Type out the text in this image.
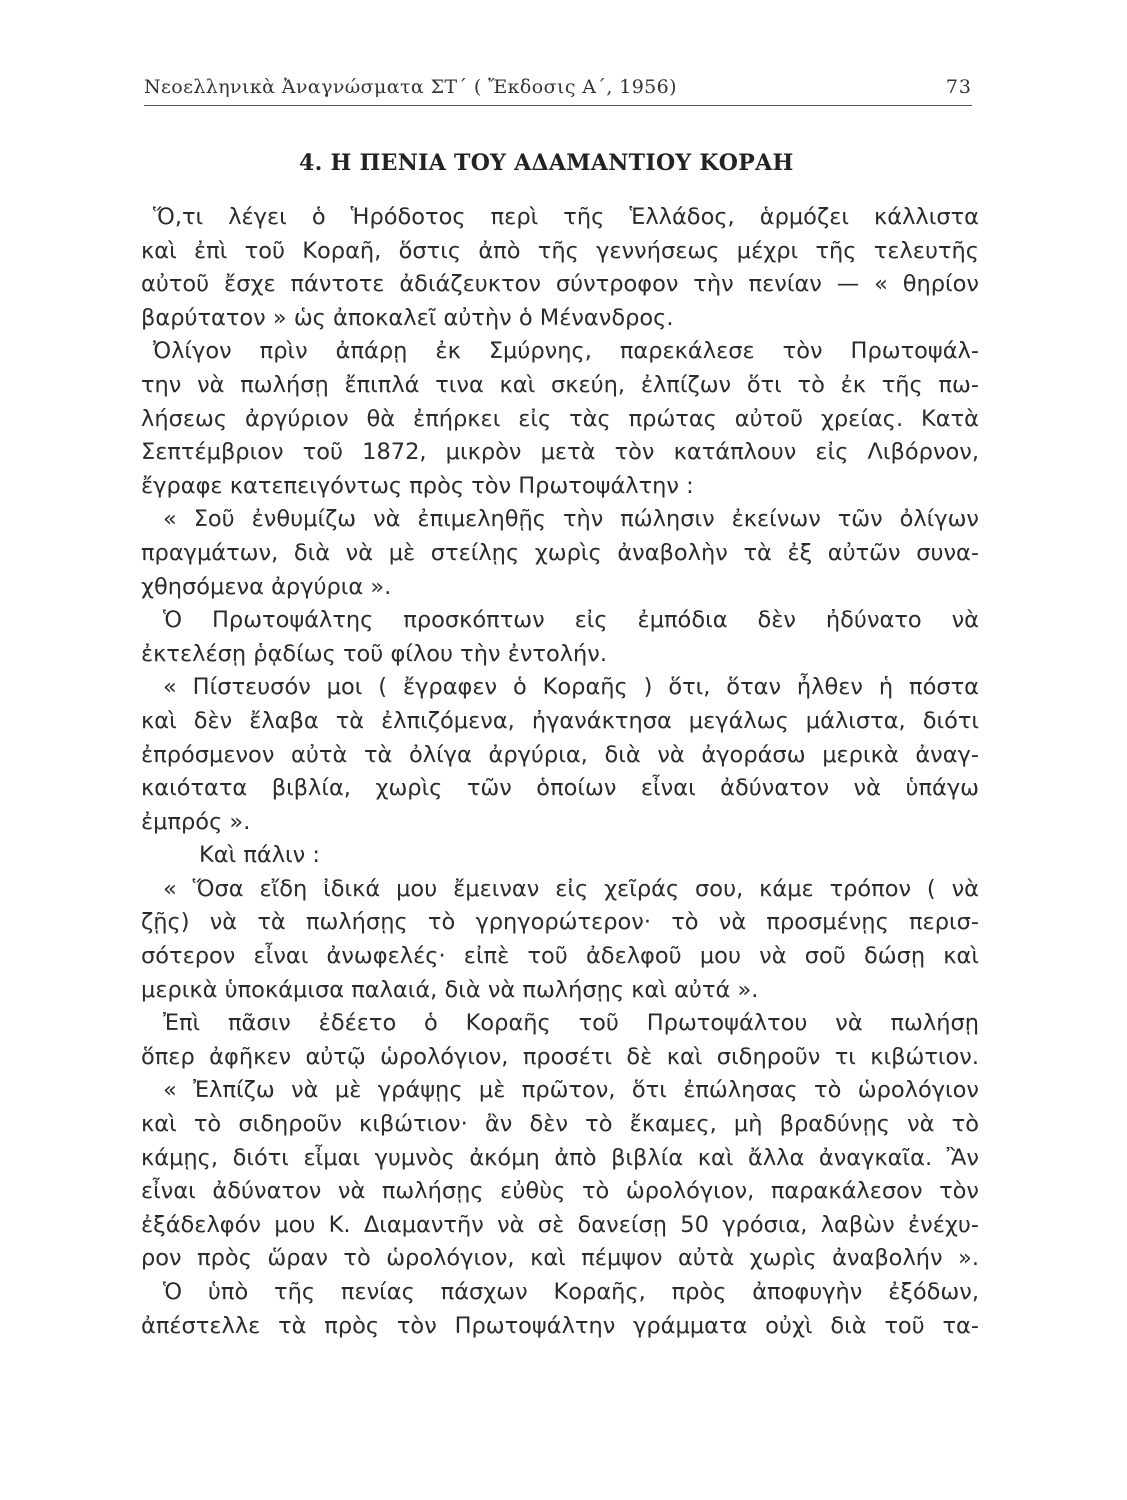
Νεοελληνικὰ Ἀναγνώσματα ΣΤ΄ ( Ἔκδοσις Α΄, 1956)	73
4. Η ΠΕΝΙΑ ΤΟΥ ΑΔΑΜΑΝΤΙΟΥ ΚΟΡΑΗ
Ὅ,τι λέγει ὁ Ἡρόδοτος περὶ τῆς Ἑλλάδος, ἁρμόζει κάλλιστα
καὶ ἐπὶ τοῦ Κοραῆ, ὅστις ἀπὸ τῆς γεννήσεως μέχρι τῆς τελευτῆς
αὐτοῦ ἔσχε πάντοτε ἀδιάζευκτον σύντροφον τὴν πενίαν — « θηρίον
βαρύτατον » ὡς ἀποκαλεῖ αὐτὴν ὁ Μένανδρος.
Ὀλίγον πρὶν ἀπάρῃ ἐκ Σμύρνης, παρεκάλεσε τὸν Πρωτοψάλ-
την νὰ πωλήσῃ ἔπιπλά τινα καὶ σκεύη, ἐλπίζων ὅτι τὸ ἐκ τῆς πω-
λήσεως ἀργύριον θὰ ἐπήρκει εἰς τὰς πρώτας αὐτοῦ χρείας. Κατὰ
Σεπτέμβριον τοῦ 1872, μικρὸν μετὰ τὸν κατάπλουν εἰς Λιβόρνον,
ἔγραφε κατεπειγόντως πρὸς τὸν Πρωτοψάλτην :
« Σοῦ ἐνθυμίζω νὰ ἐπιμεληθῇς τὴν πώλησιν ἐκείνων τῶν ὀλίγων
πραγμάτων, διὰ νὰ μὲ στείλῃς χωρὶς ἀναβολὴν τὰ ἐξ αὐτῶν συνα-
χθησόμενα ἀργύρια ».
Ὁ Πρωτοψάλτης προσκόπτων εἰς ἐμπόδια δὲν ἠδύνατο νὰ
ἐκτελέσῃ ῥᾳδίως τοῦ φίλου τὴν ἐντολήν.
« Πίστευσόν μοι ( ἔγραφεν ὁ Κοραῆς ) ὅτι, ὅταν ἦλθεν ἡ πόστα
καὶ δὲν ἔλαβα τὰ ἐλπιζόμενα, ἠγανάκτησα μεγάλως μάλιστα, διότι
ἐπρόσμενον αὐτὰ τὰ ὀλίγα ἀργύρια, διὰ νὰ ἀγοράσω μερικὰ ἀναγ-
καιότατα βιβλία, χωρὶς τῶν ὁποίων εἶναι ἀδύνατον νὰ ὑπάγω
ἐμπρός ».
Καὶ πάλιν :
« Ὅσα εἴδη ἰδικά μου ἔμειναν εἰς χεῖράς σου, κάμε τρόπον ( νὰ
ζῇς) νὰ τὰ πωλήσῃς τὸ γρηγορώτερον· τὸ νὰ προσμένῃς περισ-
σότερον εἶναι ἀνωφελές· εἰπὲ τοῦ ἀδελφοῦ μου νὰ σοῦ δώσῃ καὶ
μερικὰ ὑποκάμισα παλαιά, διὰ νὰ πωλήσῃς καὶ αὐτά ».
Ἐπὶ πᾶσιν ἐδέετο ὁ Κοραῆς τοῦ Πρωτοψάλτου νὰ πωλήσῃ
ὅπερ ἀφῆκεν αὐτῷ ὡρολόγιον, προσέτι δὲ καὶ σιδηροῦν τι κιβώτιον.
« Ἐλπίζω νὰ μὲ γράψῃς μὲ πρῶτον, ὅτι ἐπώλησας τὸ ὡρολόγιον
καὶ τὸ σιδηροῦν κιβώτιον· ἂν δὲν τὸ ἔκαμες, μὴ βραδύνῃς νὰ τὸ
κάμῃς, διότι εἶμαι γυμνὸς ἀκόμη ἀπὸ βιβλία καὶ ἄλλα ἀναγκαῖα. Ἂν
εἶναι ἀδύνατον νὰ πωλήσῃς εὐθὺς τὸ ὡρολόγιον, παρακάλεσον τὸν
ἐξάδελφόν μου Κ. Διαμαντῆν νὰ σὲ δανείσῃ 50 γρόσια, λαβὼν ἐνέχυ-
ρον πρὸς ὥραν τὸ ὡρολόγιον, καὶ πέμψον αὐτὰ χωρὶς ἀναβολήν ».
Ὁ ὑπὸ τῆς πενίας πάσχων Κοραῆς, πρὸς ἀποφυγὴν ἐξόδων,
ἀπέστελλε τὰ πρὸς τὸν Πρωτοψάλτην γράμματα οὐχὶ διὰ τοῦ τα-
